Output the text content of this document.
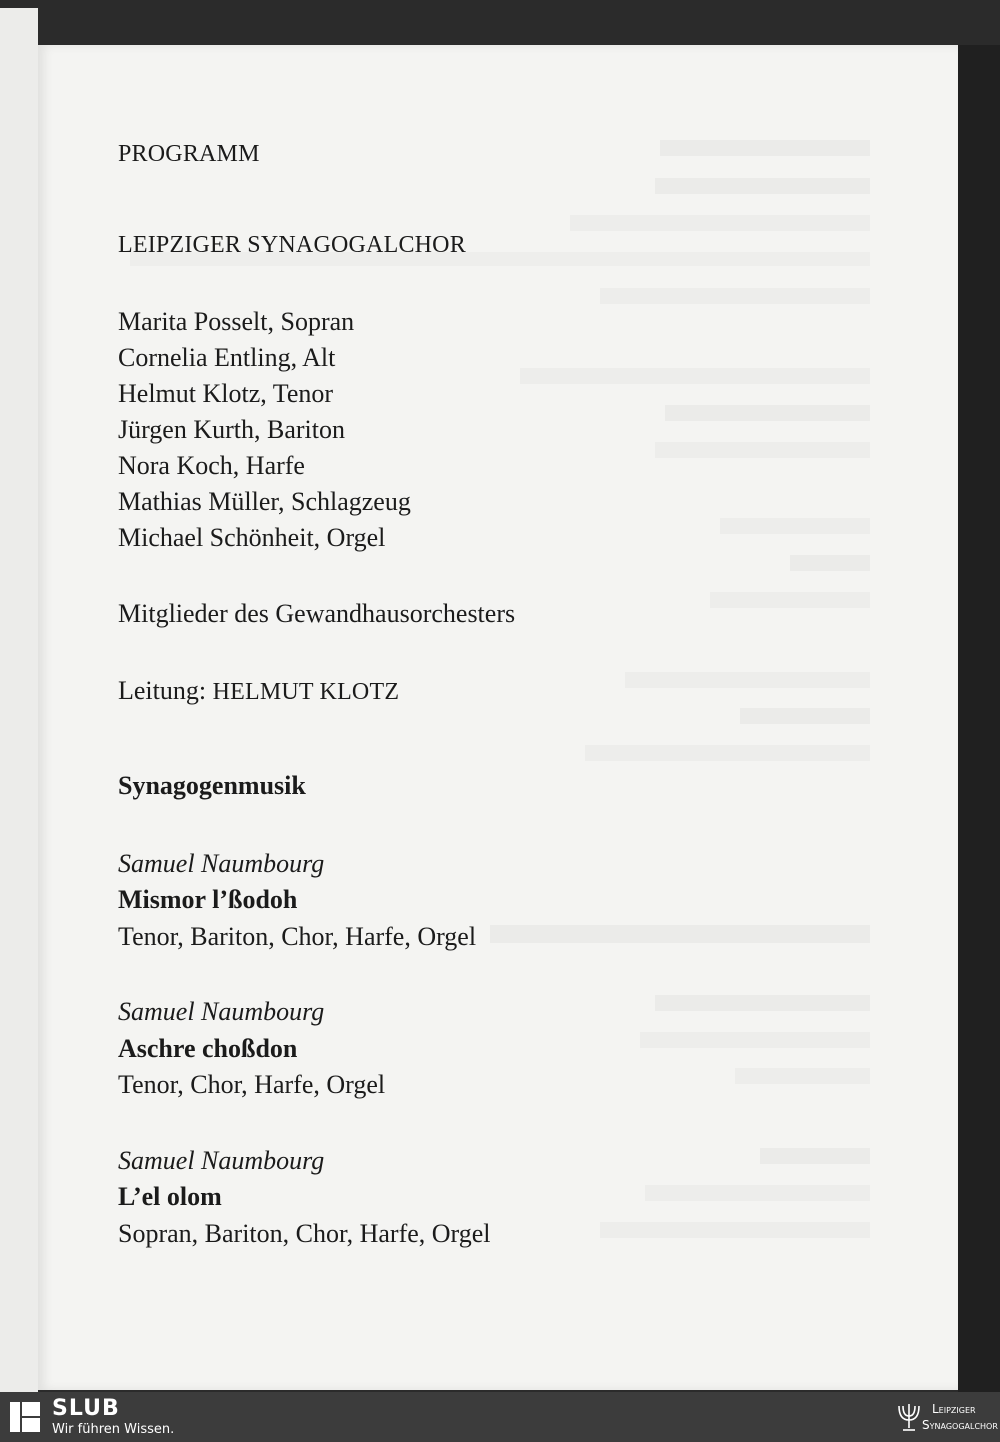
PROGRAMM
LEIPZIGER SYNAGOGALCHOR
Marita Posselt, Sopran
Cornelia Entling, Alt
Helmut Klotz, Tenor
Jürgen Kurth, Bariton
Nora Koch, Harfe
Mathias Müller, Schlagzeug
Michael Schönheit, Orgel
Mitglieder des Gewandhausorchesters
Leitung: HELMUT KLOTZ
Synagogenmusik
Samuel Naumbourg
Mismor l’ßodoh
Tenor, Bariton, Chor, Harfe, Orgel
Samuel Naumbourg
Aschre choßdon
Tenor, Chor, Harfe, Orgel
Samuel Naumbourg
L’el olom
Sopran, Bariton, Chor, Harfe, Orgel
SLUB
Wir führen Wissen.
Leipziger
Synagogalchor
